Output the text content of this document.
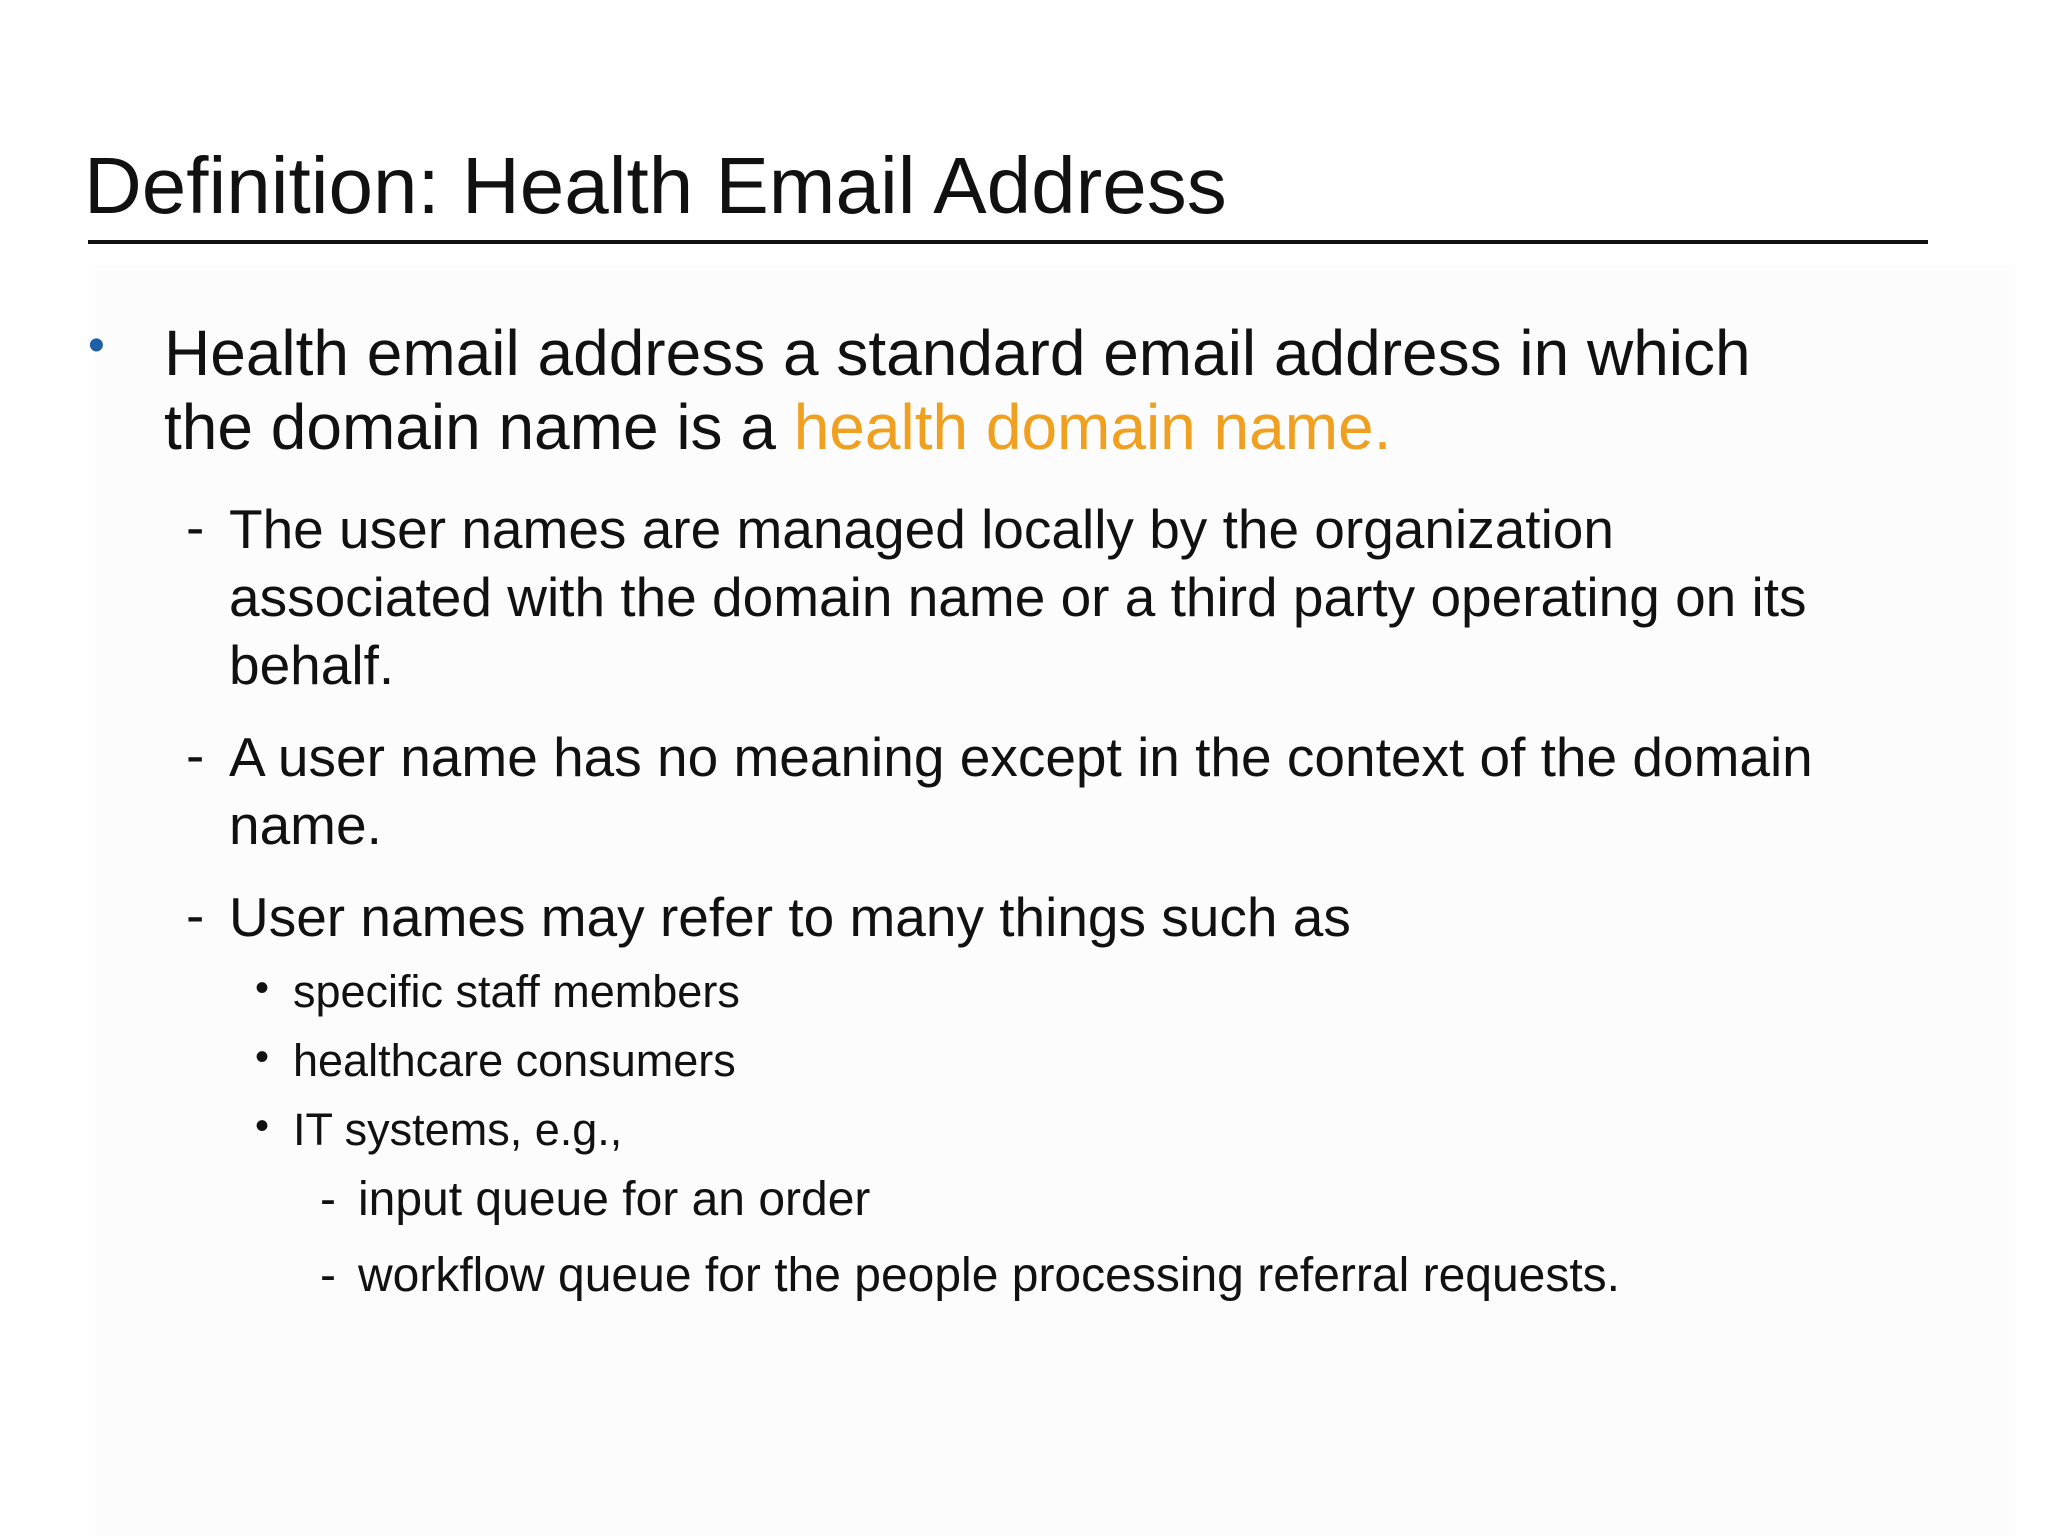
Definition: Health Email Address
• Health email address a standard email address in which
the domain name is a health domain name.

- The user names are managed locally by the organization
associated with the domain name or a third party operating on its
behalf.

- A user name has no meaning except in the context of the domain
name.

- User names may refer to many things such as

• specific staff members

• healthcare consumers

• IT systems, e.g.,

- input queue for an order

- workflow queue for the people processing referral requests.
